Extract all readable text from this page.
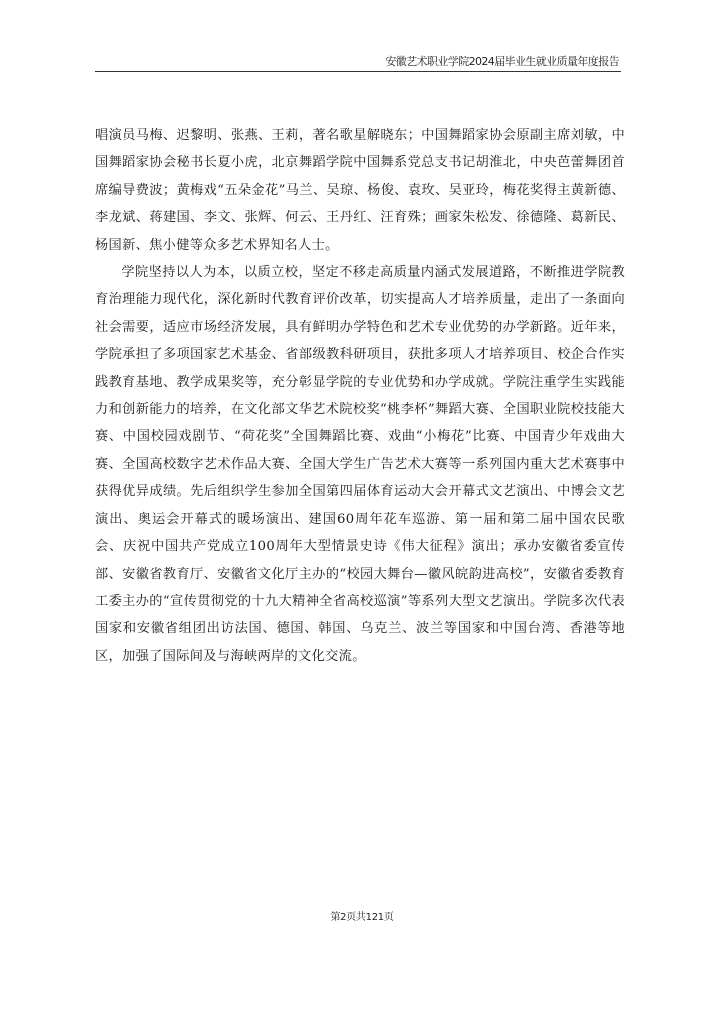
安徽艺术职业学院2024届毕业生就业质量年度报告

唱演员马梅、迟黎明、张燕、王莉，著名歌星解晓东；中国舞蹈家协会原副主席刘敏，中国舞蹈家协会秘书长夏小虎，北京舞蹈学院中国舞系党总支书记胡淮北，中央芭蕾舞团首席编导费波；黄梅戏“五朵金花”马兰、吴琼、杨俊、袁玫、吴亚玲，梅花奖得主黄新德、李龙斌、蒋建国、李文、张辉、何云、王丹红、汪育殊；画家朱松发、徐德隆、葛新民、杨国新、焦小健等众多艺术界知名人士。

学院坚持以人为本，以质立校，坚定不移走高质量内涵式发展道路，不断推进学院教育治理能力现代化，深化新时代教育评价改革，切实提高人才培养质量，走出了一条面向社会需要，适应市场经济发展，具有鲜明办学特色和艺术专业优势的办学新路。近年来，学院承担了多项国家艺术基金、省部级教科研项目，获批多项人才培养项目、校企合作实践教育基地、教学成果奖等，充分彰显学院的专业优势和办学成就。学院注重学生实践能力和创新能力的培养，在文化部文华艺术院校奖“桃李杯”舞蹈大赛、全国职业院校技能大赛、中国校园戏剧节、“荷花奖”全国舞蹈比赛、戏曲“小梅花”比赛、中国青少年戏曲大赛、全国高校数字艺术作品大赛、全国大学生广告艺术大赛等一系列国内重大艺术赛事中获得优异成绩。先后组织学生参加全国第四届体育运动大会开幕式文艺演出、中博会文艺演出、奥运会开幕式的暖场演出、建国60周年花车巡游、第一届和第二届中国农民歌会、庆祝中国共产党成立100周年大型情景史诗《伟大征程》演出；承办安徽省委宣传部、安徽省教育厅、安徽省文化厅主办的“校园大舞台—徽风皖韵进高校”，安徽省委教育工委主办的“宣传贯彻党的十九大精神全省高校巡演”等系列大型文艺演出。学院多次代表国家和安徽省组团出访法国、德国、韩国、乌克兰、波兰等国家和中国台湾、香港等地区，加强了国际间及与海峡两岸的文化交流。

第2页共121页
